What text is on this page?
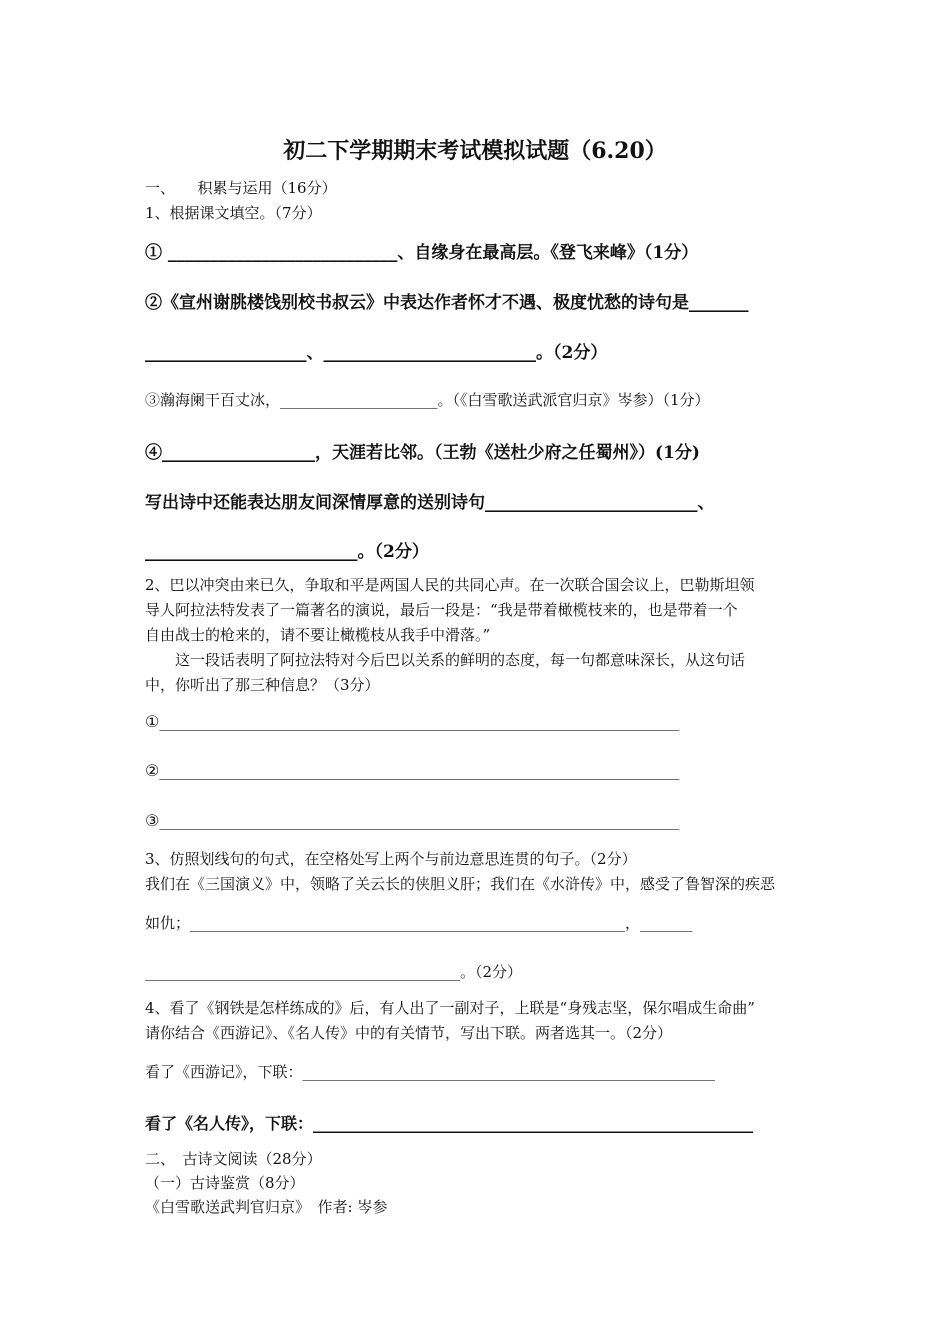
初二下学期期末考试模拟试题（6.20）
一、　　积累与运用（16分）
1、根据课文填空。（7分）
① ___________________________、自缘身在最高层。《登飞来峰》（1分）
②《宣州谢朓楼饯别校书叔云》中表达作者怀才不遇、极度忧愁的诗句是_______
___________________、_________________________。（2分）
③瀚海阑干百丈冰，_____________________。（《白雪歌送武派官归京》岑参）（1分）
④__________________，天涯若比邻。（王勃《送杜少府之任蜀州》）(1分)
写出诗中还能表达朋友间深情厚意的送别诗句_________________________、
_________________________。（2分）
2、巴以冲突由来已久，争取和平是两国人民的共同心声。在一次联合国会议上，巴勒斯坦领
导人阿拉法特发表了一篇著名的演说，最后一段是：“我是带着橄榄枝来的，也是带着一个
自由战士的枪来的，请不要让橄榄枝从我手中滑落。”
　　这一段话表明了阿拉法特对今后巴以关系的鲜明的态度，每一句都意味深长，从这句话
中，你听出了那三种信息？（3分）
①_________________________________________________________________
②_________________________________________________________________
③_________________________________________________________________
3、仿照划线句的句式，在空格处写上两个与前边意思连贯的句子。（2分）
我们在《三国演义》中，领略了关云长的侠胆义肝；我们在《水浒传》中，感受了鲁智深的疾恶
如仇；__________________________________________________________，_______
__________________________________________。（2分）
4、看了《钢铁是怎样练成的》后，有人出了一副对子，上联是“身残志坚，保尔唱成生命曲”
请你结合《西游记》、《名人传》中的有关情节，写出下联。两者选其一。（2分）
看了《西游记》，下联：_______________________________________________________
看了《名人传》，下联：_______________________________________________________
二、　古诗文阅读（28分）
（一）古诗鉴赏（8分）
《白雪歌送武判官归京》　作者: 岑参
